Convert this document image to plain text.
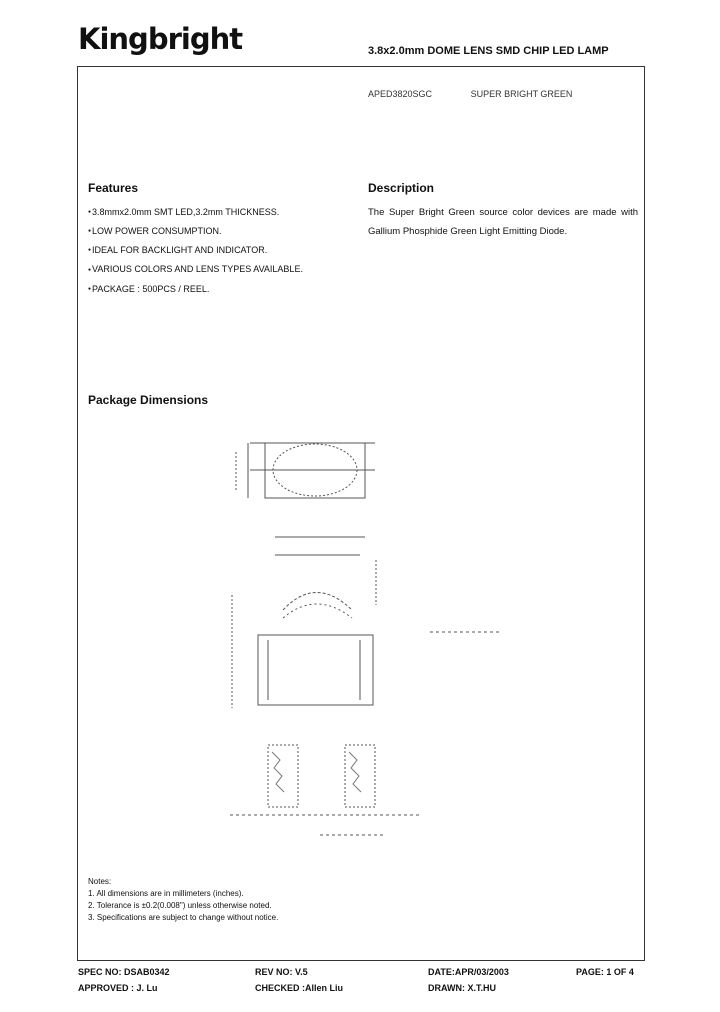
Kingbright	3.8x2.0mm DOME LENS SMD CHIP LED LAMP
APED3820SGC	SUPER BRIGHT GREEN
Features
● 3.8mmx2.0mm SMT LED,3.2mm THICKNESS.
● LOW POWER CONSUMPTION.
● IDEAL FOR BACKLIGHT AND INDICATOR.
● VARIOUS COLORS AND LENS TYPES AVAILABLE.
● PACKAGE : 500PCS / REEL.
Description

The Super Bright Green source color devices are made with Gallium Phosphide Green Light Emitting Diode.

Package Dimensions
Notes:
1. All dimensions are in millimeters (inches).
2. Tolerance is ±0.2(0.008") unless otherwise noted.
3. Specifications are subject to change without notice.
SPEC NO: DSAB0342	REV NO: V.5	DATE:APR/03/2003	PAGE: 1 OF 4
APPROVED : J. Lu	CHECKED :Allen Liu	DRAWN: X.T.HU
